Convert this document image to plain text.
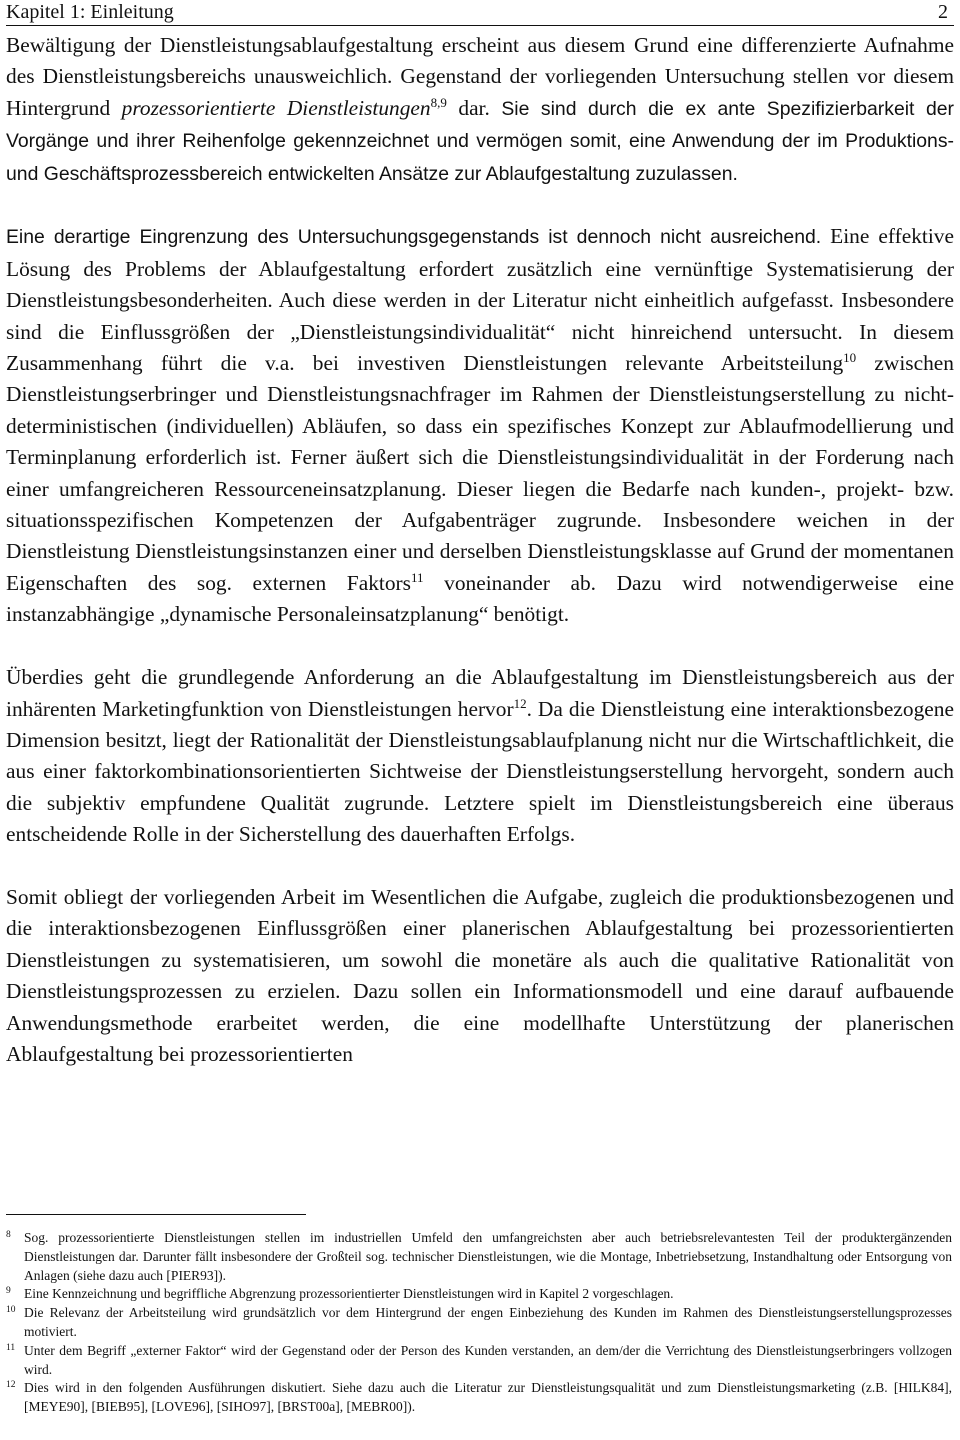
Kapitel 1: Einleitung	2

Bewältigung der Dienstleistungsablaufgestaltung erscheint aus diesem Grund eine differenzierte Aufnahme des Dienstleistungsbereichs unausweichlich. Gegenstand der vorliegenden Untersuchung stellen vor diesem Hintergrund prozessorientierte Dienstleistungen$^{8,9}$ dar. Sie sind durch die ex ante Spezifizierbarkeit der Vorgänge und ihrer Reihenfolge gekennzeichnet und vermögen somit, eine Anwendung der im Produktions- und Geschäftsprozessbereich entwickelten Ansätze zur Ablaufgestaltung zuzulassen.

Eine derartige Eingrenzung des Untersuchungsgegenstands ist dennoch nicht ausreichend. Eine effektive Lösung des Problems der Ablaufgestaltung erfordert zusätzlich eine vernünftige Systematisierung der Dienstleistungsbesonderheiten. Auch diese werden in der Literatur nicht einheitlich aufgefasst. Insbesondere sind die Einflussgrößen der „Dienstleistungsindividualität“ nicht hinreichend untersucht. In diesem Zusammenhang führt die v.a. bei investiven Dienstleistungen relevante Arbeitsteilung$^{10}$ zwischen Dienstleistungserbringer und Dienstleistungsnachfrager im Rahmen der Dienstleistungserstellung zu nicht-deterministischen (individuellen) Abläufen, so dass ein spezifisches Konzept zur Ablaufmodellierung und Terminplanung erforderlich ist. Ferner äußert sich die Dienstleistungsindividualität in der Forderung nach einer umfangreicheren Ressourceneinsatzplanung. Dieser liegen die Bedarfe nach kunden-, projekt- bzw. situationsspezifischen Kompetenzen der Aufgabenträger zugrunde. Insbesondere weichen in der Dienstleistung Dienstleistungsinstanzen einer und derselben Dienstleistungsklasse auf Grund der momentanen Eigenschaften des sog. externen Faktors$^{11}$ voneinander ab. Dazu wird notwendigerweise eine instanzabhängige „dynamische Personaleinsatzplanung“ benötigt.

Überdies geht die grundlegende Anforderung an die Ablaufgestaltung im Dienstleistungsbereich aus der inhärenten Marketingfunktion von Dienstleistungen hervor$^{12}$. Da die Dienstleistung eine interaktionsbezogene Dimension besitzt, liegt der Rationalität der Dienstleistungsablaufplanung nicht nur die Wirtschaftlichkeit, die aus einer faktorkombinationsorientierten Sichtweise der Dienstleistungserstellung hervorgeht, sondern auch die subjektiv empfundene Qualität zugrunde. Letztere spielt im Dienstleistungsbereich eine überaus entscheidende Rolle in der Sicherstellung des dauerhaften Erfolgs.

Somit obliegt der vorliegenden Arbeit im Wesentlichen die Aufgabe, zugleich die produktionsbezogenen und die interaktionsbezogenen Einflussgrößen einer planerischen Ablaufgestaltung bei prozessorientierten Dienstleistungen zu systematisieren, um sowohl die monetäre als auch die qualitative Rationalität von Dienstleistungsprozessen zu erzielen. Dazu sollen ein Informationsmodell und eine darauf aufbauende Anwendungsmethode erarbeitet werden, die eine modellhafte Unterstützung der planerischen Ablaufgestaltung bei prozessorientierten

8 Sog. prozessorientierte Dienstleistungen stellen im industriellen Umfeld den umfangreichsten aber auch betriebsrelevantesten Teil der produktergänzenden Dienstleistungen dar. Darunter fällt insbesondere der Großteil sog. technischer Dienstleistungen, wie die Montage, Inbetriebsetzung, Instandhaltung oder Entsorgung von Anlagen (siehe dazu auch [PIER93]).

9 Eine Kennzeichnung und begriffliche Abgrenzung prozessorientierter Dienstleistungen wird in Kapitel 2 vorgeschlagen.

10 Die Relevanz der Arbeitsteilung wird grundsätzlich vor dem Hintergrund der engen Einbeziehung des Kunden im Rahmen des Dienstleistungserstellungsprozesses motiviert.

11 Unter dem Begriff „externer Faktor“ wird der Gegenstand oder der Person des Kunden verstanden, an dem/der die Verrichtung des Dienstleistungserbringers vollzogen wird.

12 Dies wird in den folgenden Ausführungen diskutiert. Siehe dazu auch die Literatur zur Dienstleistungsqualität und zum Dienstleistungsmarketing (z.B. [HILK84], [MEYE90], [BIEB95], [LOVE96], [SIHO97], [BRST00a], [MEBR00]).
